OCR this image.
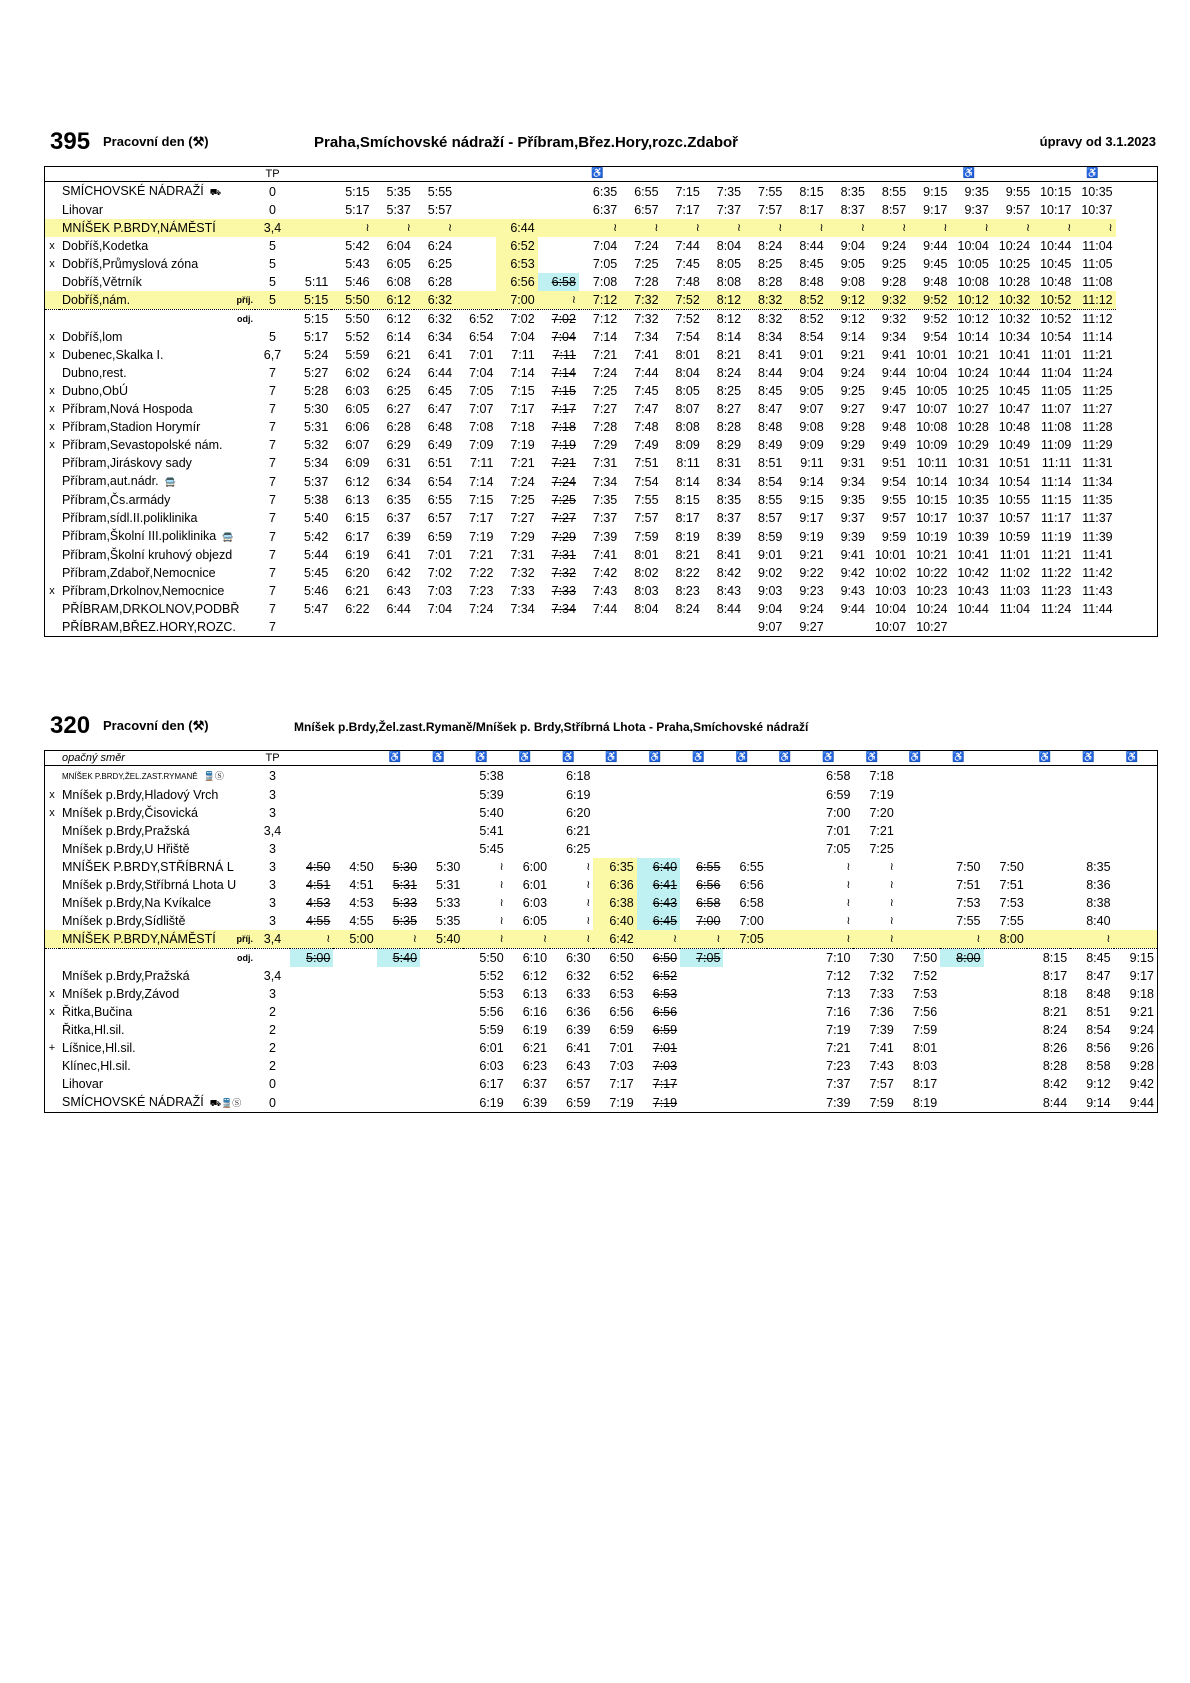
395 Pracovní den (⚒)	Praha,Smíchovské nádraží - Příbram,Břez.Hory,rozc.Zdaboř	úpravy od 3.1.2023
		TP								♿									♿			♿	
	SMÍCHOVSKÉ NÁDRAŽÍ ⛟	0		5:15	5:35	5:55				6:35	6:55	7:15	7:35	7:55	8:15	8:35	8:55	9:15	9:35	9:55	10:15	10:35	
	Lihovar	0		5:17	5:37	5:57				6:37	6:57	7:17	7:37	7:57	8:17	8:37	8:57	9:17	9:37	9:57	10:17	10:37	
	MNÍŠEK P.BRDY,NÁMĚSTÍ	3,4		≀	≀	≀		6:44		≀	≀	≀	≀	≀	≀	≀	≀	≀	≀	≀	≀	≀	
x	Dobříš,Kodetka	5		5:42	6:04	6:24		6:52		7:04	7:24	7:44	8:04	8:24	8:44	9:04	9:24	9:44	10:04	10:24	10:44	11:04	
x	Dobříš,Průmyslová zóna	5		5:43	6:05	6:25		6:53		7:05	7:25	7:45	8:05	8:25	8:45	9:05	9:25	9:45	10:05	10:25	10:45	11:05	
	Dobříš,Větrník	5	5:11	5:46	6:08	6:28		6:56	6:58	7:08	7:28	7:48	8:08	8:28	8:48	9:08	9:28	9:48	10:08	10:28	10:48	11:08	
	Dobříš,nám. příj.	5	5:15	5:50	6:12	6:32		7:00	≀	7:12	7:32	7:52	8:12	8:32	8:52	9:12	9:32	9:52	10:12	10:32	10:52	11:12	

	odj.		5:15	5:50	6:12	6:32	6:52	7:02	7:02	7:12	7:32	7:52	8:12	8:32	8:52	9:12	9:32	9:52	10:12	10:32	10:52	11:12	
x	Dobříš,lom	5	5:17	5:52	6:14	6:34	6:54	7:04	7:04	7:14	7:34	7:54	8:14	8:34	8:54	9:14	9:34	9:54	10:14	10:34	10:54	11:14	
x	Dubenec,Skalka I.	6,7	5:24	5:59	6:21	6:41	7:01	7:11	7:11	7:21	7:41	8:01	8:21	8:41	9:01	9:21	9:41	10:01	10:21	10:41	11:01	11:21	
	Dubno,rest.	7	5:27	6:02	6:24	6:44	7:04	7:14	7:14	7:24	7:44	8:04	8:24	8:44	9:04	9:24	9:44	10:04	10:24	10:44	11:04	11:24	
x	Dubno,ObÚ	7	5:28	6:03	6:25	6:45	7:05	7:15	7:15	7:25	7:45	8:05	8:25	8:45	9:05	9:25	9:45	10:05	10:25	10:45	11:05	11:25	
x	Příbram,Nová Hospoda	7	5:30	6:05	6:27	6:47	7:07	7:17	7:17	7:27	7:47	8:07	8:27	8:47	9:07	9:27	9:47	10:07	10:27	10:47	11:07	11:27	
x	Příbram,Stadion Horymír	7	5:31	6:06	6:28	6:48	7:08	7:18	7:18	7:28	7:48	8:08	8:28	8:48	9:08	9:28	9:48	10:08	10:28	10:48	11:08	11:28	
x	Příbram,Sevastopolské nám.	7	5:32	6:07	6:29	6:49	7:09	7:19	7:19	7:29	7:49	8:09	8:29	8:49	9:09	9:29	9:49	10:09	10:29	10:49	11:09	11:29	
	Příbram,Jiráskovy sady	7	5:34	6:09	6:31	6:51	7:11	7:21	7:21	7:31	7:51	8:11	8:31	8:51	9:11	9:31	9:51	10:11	10:31	10:51	11:11	11:31	
	Příbram,aut.nádr. 🚍	7	5:37	6:12	6:34	6:54	7:14	7:24	7:24	7:34	7:54	8:14	8:34	8:54	9:14	9:34	9:54	10:14	10:34	10:54	11:14	11:34	
	Příbram,Čs.armády	7	5:38	6:13	6:35	6:55	7:15	7:25	7:25	7:35	7:55	8:15	8:35	8:55	9:15	9:35	9:55	10:15	10:35	10:55	11:15	11:35	
	Příbram,sídl.II.poliklinika	7	5:40	6:15	6:37	6:57	7:17	7:27	7:27	7:37	7:57	8:17	8:37	8:57	9:17	9:37	9:57	10:17	10:37	10:57	11:17	11:37	
	Příbram,Školní III.poliklinika 🚍	7	5:42	6:17	6:39	6:59	7:19	7:29	7:29	7:39	7:59	8:19	8:39	8:59	9:19	9:39	9:59	10:19	10:39	10:59	11:19	11:39	
	Příbram,Školní kruhový objezd	7	5:44	6:19	6:41	7:01	7:21	7:31	7:31	7:41	8:01	8:21	8:41	9:01	9:21	9:41	10:01	10:21	10:41	11:01	11:21	11:41	
	Příbram,Zdaboř,Nemocnice	7	5:45	6:20	6:42	7:02	7:22	7:32	7:32	7:42	8:02	8:22	8:42	9:02	9:22	9:42	10:02	10:22	10:42	11:02	11:22	11:42	
x	Příbram,Drkolnov,Nemocnice	7	5:46	6:21	6:43	7:03	7:23	7:33	7:33	7:43	8:03	8:23	8:43	9:03	9:23	9:43	10:03	10:23	10:43	11:03	11:23	11:43	
	PŘÍBRAM,DRKOLNOV,PODBŘ	7	5:47	6:22	6:44	7:04	7:24	7:34	7:34	7:44	8:04	8:24	8:44	9:04	9:24	9:44	10:04	10:24	10:44	11:04	11:24	11:44	
	PŘÍBRAM,BŘEZ.HORY,ROZC.	7												9:07	9:27		10:07	10:27					
320 Pracovní den (⚒)	Mníšek p.Brdy,Žel.zast.Rymaně/Mníšek p. Brdy,Stříbrná Lhota - Praha,Smíchovské nádraží
	opačný směr	TP			♿	♿	♿	♿	♿	♿	♿	♿	♿	♿	♿	♿	♿	♿		♿	♿	♿
	MNÍŠEK P.BRDY,ŽEL.ZAST.RYMANĚ 🚆Ⓢ	3					5:38		6:18						6:58	7:18						
x	Mníšek p.Brdy,Hladový Vrch	3					5:39		6:19						6:59	7:19						
x	Mníšek p.Brdy,Čisovická	3					5:40		6:20						7:00	7:20						
	Mníšek p.Brdy,Pražská	3,4					5:41		6:21						7:01	7:21						
	Mníšek p.Brdy,U Hřiště	3					5:45		6:25						7:05	7:25						
	MNÍŠEK P.BRDY,STŘÍBRNÁ L	3	4:50	4:50	5:30	5:30	≀	6:00	≀	6:35	6:40	6:55	6:55		≀	≀		7:50	7:50		8:35	
	Mníšek p.Brdy,Stříbrná Lhota U	3	4:51	4:51	5:31	5:31	≀	6:01	≀	6:36	6:41	6:56	6:56		≀	≀		7:51	7:51		8:36	
	Mníšek p.Brdy,Na Kvíkalce	3	4:53	4:53	5:33	5:33	≀	6:03	≀	6:38	6:43	6:58	6:58		≀	≀		7:53	7:53		8:38	
	Mníšek p.Brdy,Sídliště	3	4:55	4:55	5:35	5:35	≀	6:05	≀	6:40	6:45	7:00	7:00		≀	≀		7:55	7:55		8:40	
	MNÍŠEK P.BRDY,NÁMĚSTÍ příj.	3,4	≀	5:00	≀	5:40	≀	≀	≀	6:42	≀	≀	7:05		≀	≀		≀	8:00		≀	

	odj.		5:00		5:40		5:50	6:10	6:30	6:50	6:50	7:05			7:10	7:30	7:50	8:00		8:15	8:45	9:15
	Mníšek p.Brdy,Pražská	3,4					5:52	6:12	6:32	6:52	6:52				7:12	7:32	7:52			8:17	8:47	9:17
x	Mníšek p.Brdy,Závod	3					5:53	6:13	6:33	6:53	6:53				7:13	7:33	7:53			8:18	8:48	9:18
x	Řitka,Bučina	2					5:56	6:16	6:36	6:56	6:56				7:16	7:36	7:56			8:21	8:51	9:21
	Řitka,Hl.sil.	2					5:59	6:19	6:39	6:59	6:59				7:19	7:39	7:59			8:24	8:54	9:24
+	Líšnice,Hl.sil.	2					6:01	6:21	6:41	7:01	7:01				7:21	7:41	8:01			8:26	8:56	9:26
	Klínec,Hl.sil.	2					6:03	6:23	6:43	7:03	7:03				7:23	7:43	8:03			8:28	8:58	9:28
	Lihovar	0					6:17	6:37	6:57	7:17	7:17				7:37	7:57	8:17			8:42	9:12	9:42
	SMÍCHOVSKÉ NÁDRAŽÍ ⛟🚆Ⓢ	0					6:19	6:39	6:59	7:19	7:19				7:39	7:59	8:19			8:44	9:14	9:44
